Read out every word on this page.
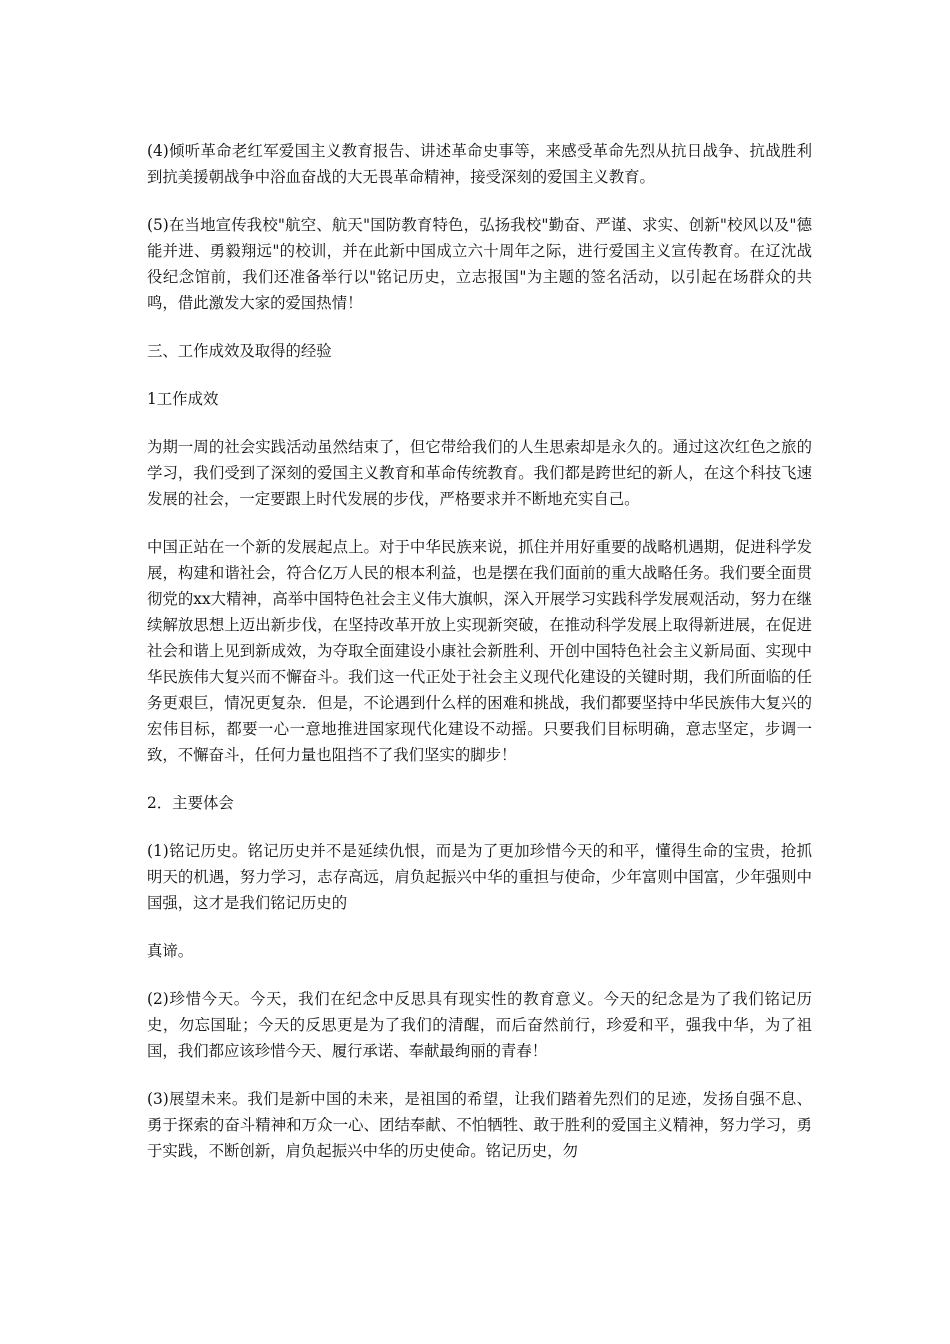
(4)倾听革命老红军爱国主义教育报告、讲述革命史事等，来感受革命先烈从抗日战争、抗战胜利到抗美援朝战争中浴血奋战的大无畏革命精神，接受深刻的爱国主义教育。

(5)在当地宣传我校"航空、航天"国防教育特色，弘扬我校"勤奋、严谨、求实、创新"校风以及"德能并进、勇毅翔远"的校训，并在此新中国成立六十周年之际，进行爱国主义宣传教育。在辽沈战役纪念馆前，我们还准备举行以"铭记历史，立志报国"为主题的签名活动，以引起在场群众的共鸣，借此激发大家的爱国热情！

三、工作成效及取得的经验

1工作成效

为期一周的社会实践活动虽然结束了，但它带给我们的人生思索却是永久的。通过这次红色之旅的学习，我们受到了深刻的爱国主义教育和革命传统教育。我们都是跨世纪的新人，在这个科技飞速发展的社会，一定要跟上时代发展的步伐，严格要求并不断地充实自己。

中国正站在一个新的发展起点上。对于中华民族来说，抓住并用好重要的战略机遇期，促进科学发展，构建和谐社会，符合亿万人民的根本利益，也是摆在我们面前的重大战略任务。我们要全面贯彻党的xx大精神，高举中国特色社会主义伟大旗帜，深入开展学习实践科学发展观活动，努力在继续解放思想上迈出新步伐，在坚持改革开放上实现新突破，在推动科学发展上取得新进展，在促进社会和谐上见到新成效，为夺取全面建设小康社会新胜利、开创中国特色社会主义新局面、实现中华民族伟大复兴而不懈奋斗。我们这一代正处于社会主义现代化建设的关键时期，我们所面临的任务更艰巨，情况更复杂．但是，不论遇到什么样的困难和挑战，我们都要坚持中华民族伟大复兴的宏伟目标，都要一心一意地推进国家现代化建设不动摇。只要我们目标明确，意志坚定，步调一致，不懈奋斗，任何力量也阻挡不了我们坚实的脚步！

2．主要体会

(1)铭记历史。铭记历史并不是延续仇恨，而是为了更加珍惜今天的和平，懂得生命的宝贵，抢抓明天的机遇，努力学习，志存高远，肩负起振兴中华的重担与使命，少年富则中国富，少年强则中国强，这才是我们铭记历史的

真谛。

(2)珍惜今天。今天，我们在纪念中反思具有现实性的教育意义。今天的纪念是为了我们铭记历史，勿忘国耻；今天的反思更是为了我们的清醒，而后奋然前行，珍爱和平，强我中华，为了祖国，我们都应该珍惜今天、履行承诺、奉献最绚丽的青春！

(3)展望未来。我们是新中国的未来，是祖国的希望，让我们踏着先烈们的足迹，发扬自强不息、勇于探索的奋斗精神和万众一心、团结奉献、不怕牺牲、敢于胜利的爱国主义精神，努力学习，勇于实践，不断创新，肩负起振兴中华的历史使命。铭记历史，勿
